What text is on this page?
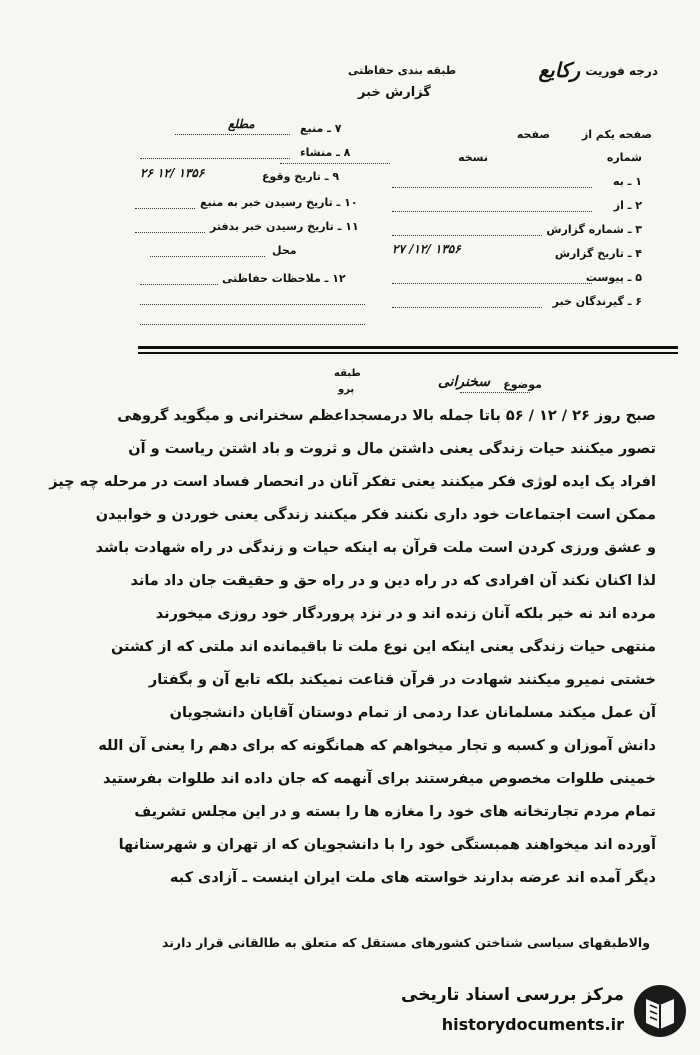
درجه فوریت
رکایع
طبقه بندی حفاظتی
گزارش خبر
۷ ـ منبع
مطلع
۸ ـ منشاء
۹ ـ تاریخ وقوع
۲۶ ۱۲/ ۱۳۵۶
۱۰ ـ تاریخ رسیدن خبر به منبع
۱۱ ـ تاریخ رسیدن خبر بدفتر
محل
۱۲ ـ ملاحظات حفاظتی
صفحه یکم از
صفحه
شماره
نسخه
۱ ـ به
۲ ـ از
۳ ـ شماره گزارش
۴ ـ تاریخ گزارش
۲۷ /۱۲/ ۱۳۵۶
۵ ـ پیوست
۶ ـ گیرندگان خبر
طبقه
پرو	موضوع
سخنرانی
صبح روز ۲۶ / ۱۲ / ۵۶ باتا جمله بالا درمسجداعظم سخنرانی و میگوید گروهی
تصور میکنند حیات زندگی یعنی داشتن مال و ثروت و باد اشتن ریاست و آن
افراد یک ایده لوژی فکر میکنند یعنی تفکر آنان در انحصار فساد است در مرحله چه چیز
ممکن است اجتماعات خود داری نکنند فکر میکنند زندگی یعنی خوردن و خوابیدن
و عشق ورزی کردن است ملت قرآن به اینکه حیات و زندگی در راه شهادت باشد
لذا اکنان نکند آن افرادی که در راه دین و در راه حق و حقیقت جان داد ماند
مرده اند نه خیر بلکه آنان زنده اند و در نزد پروردگار خود روزی میخورند
منتهی حیات زندگی یعنی اینکه این نوع ملت تا باقیمانده اند ملتی که از کشتن
خشتی نمیرو میکنند شهادت در قرآن قناعت نمیکند بلکه تابع آن و بگفتار
آن عمل میکند مسلمانان عدا ردمی از تمام دوستان آقایان دانشجویان
دانش آموزان و کسبه و تجار میخواهم که همانگونه که برای دهم را یعنی آن الله
خمینی طلوات مخصوص میفرستند برای آنهمه که جان داده اند طلوات بفرستید
تمام مردم تجارتخانه های خود را مغازه ها را بسته و در این مجلس تشریف
آورده اند میخواهند همبستگی خود را با دانشجویان که از تهران و شهرستانها
دیگر آمده اند عرضه بدارند خواسته های ملت ایران اینست ـ آزادی کبه
والاطبقهای سیاسی شناختن کشورهای مستقل که متعلق به طالقانی قرار دارند
مرکز بررسی اسناد تاریخی
historydocuments.ir
